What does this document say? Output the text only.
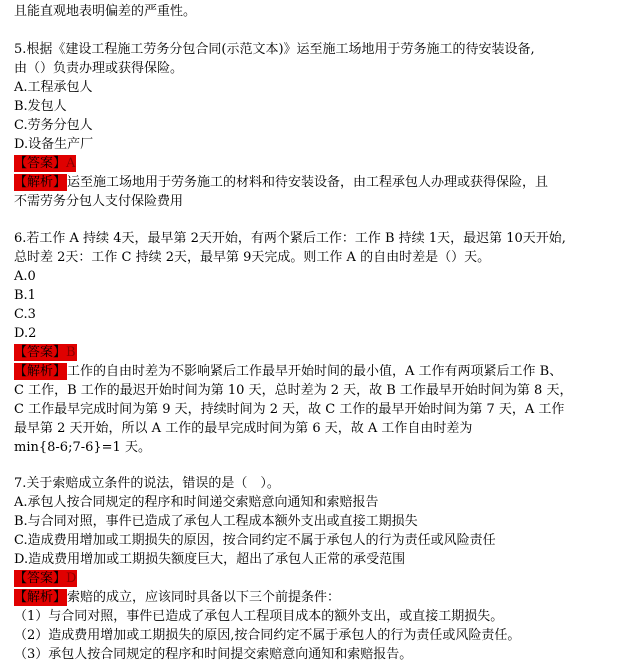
且能直观地表明偏差的严重性。
5.根据《建设工程施工劳务分包合同(示范文本)》运至施工场地用于劳务施工的待安装设备,
由（）负责办理或获得保险。
A.工程承包人
B.发包人
C.劳务分包人
D.设备生产厂
【答案】A
【解析】运至施工场地用于劳务施工的材料和待安装设备，由工程承包人办理或获得保险，且
不需劳务分包人支付保险费用
6.若工作 A 持续 4天，最早第 2天开始，有两个紧后工作：工作 B 持续 1天，最迟第 10天开始,
总时差 2天：工作 C 持续 2天，最早第 9天完成。则工作 A 的自由时差是（）天。
A.0
B.1
C.3
D.2
【答案】B
【解析】工作的自由时差为不影响紧后工作最早开始时间的最小值，A 工作有两项紧后工作 B、
C 工作，B 工作的最迟开始时间为第 10 天，总时差为 2 天，故 B 工作最早开始时间为第 8 天，
C 工作最早完成时间为第 9 天，持续时间为 2 天，故 C 工作的最早开始时间为第 7 天，A 工作
最早第 2 天开始，所以 A 工作的最早完成时间为第 6 天，故 A 工作自由时差为
min{8-6;7-6}=1 天。
7.关于索赔成立条件的说法，错误的是（　）。
A.承包人按合同规定的程序和时间递交索赔意向通知和索赔报告
B.与合同对照，事件已造成了承包人工程成本额外支出或直接工期损失
C.造成费用增加或工期损失的原因，按合同约定不属于承包人的行为责任或风险责任
D.造成费用增加或工期损失额度巨大，超出了承包人正常的承受范围
【答案】D
【解析】索赔的成立，应该同时具备以下三个前提条件：
（1）与合同对照，事件已造成了承包人工程项目成本的额外支出，或直接工期损失。
（2）造成费用增加或工期损失的原因,按合同约定不属于承包人的行为责任或风险责任。
（3）承包人按合同规定的程序和时间提交索赔意向通知和索赔报告。
